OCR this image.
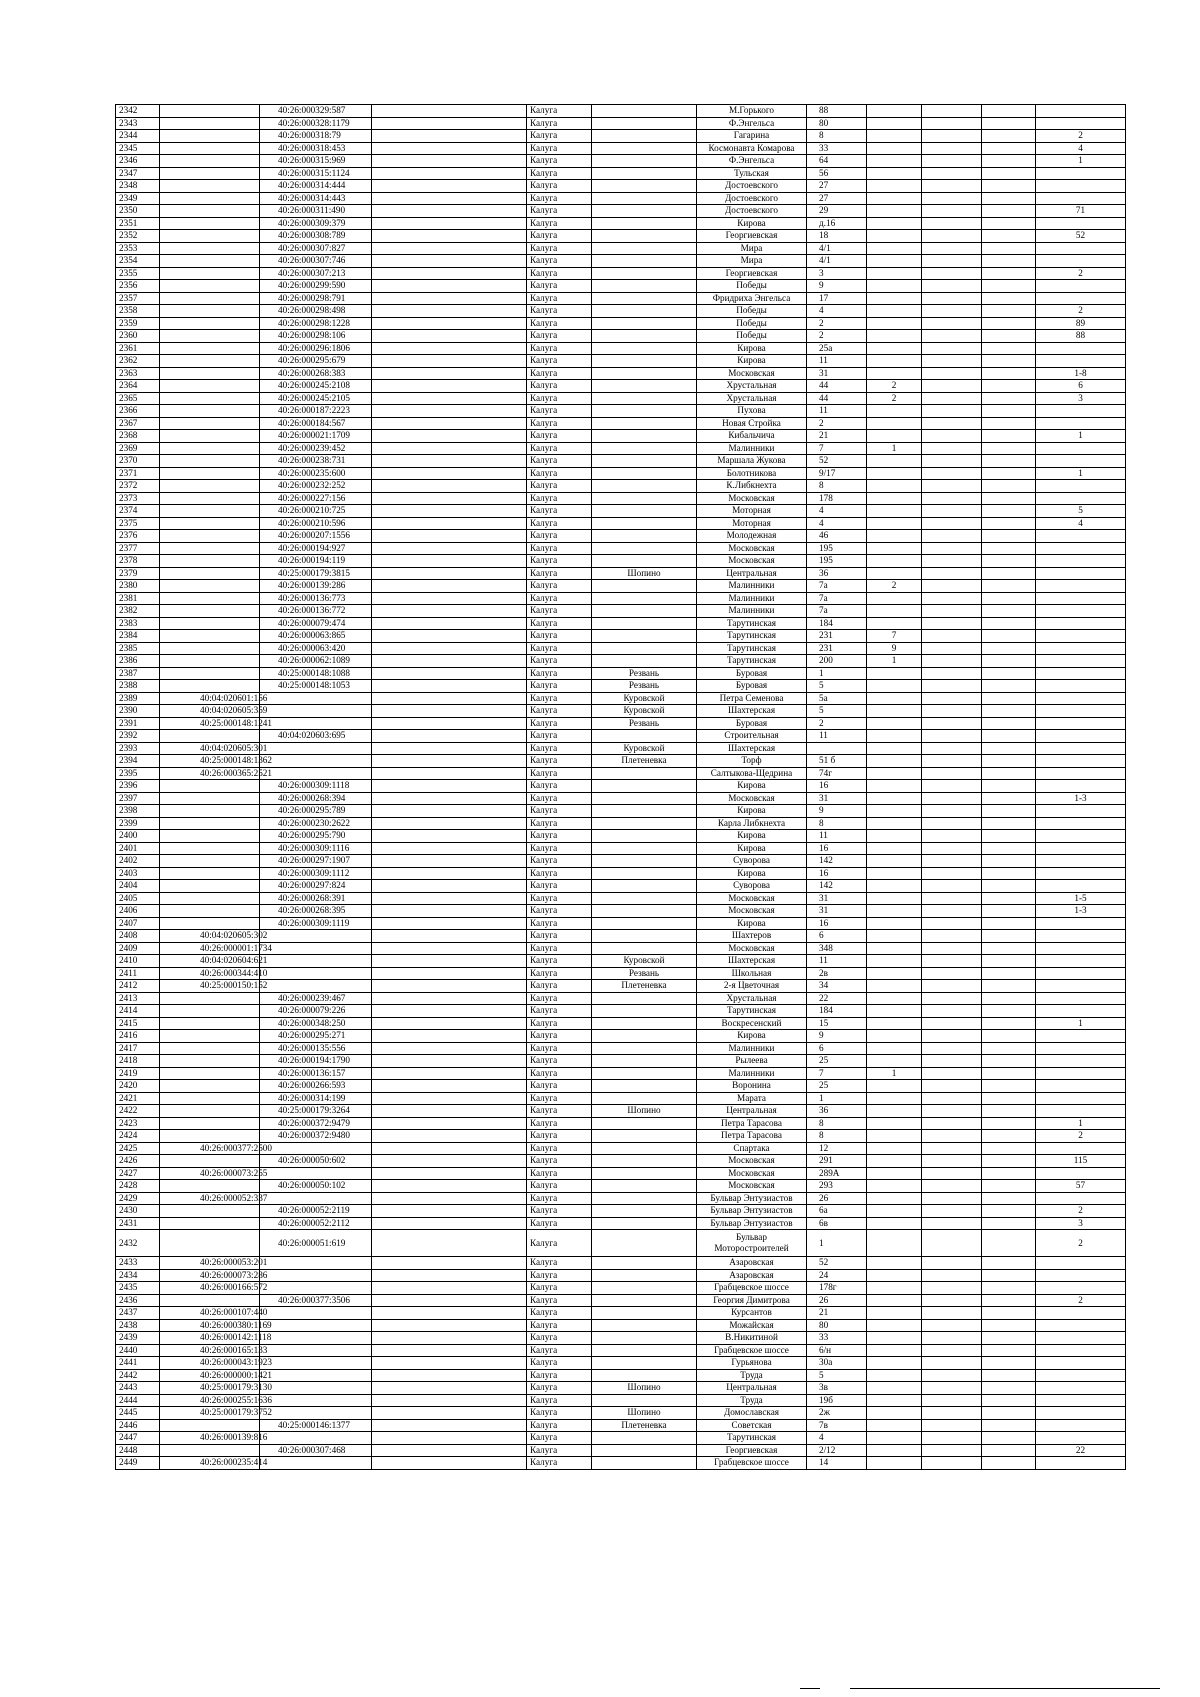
2342		40:26:000329:587		Калуга		М.Горького	88				
2343		40:26:000328:1179		Калуга		Ф.Энгельса	80				
2344		40:26:000318:79		Калуга		Гагарина	8				2
2345		40:26:000318:453		Калуга		Космонавта Комарова	33				4
2346		40:26:000315:969		Калуга		Ф.Энгельса	64				1
2347		40:26:000315:1124		Калуга		Тульская	56				
2348		40:26:000314:444		Калуга		Достоевского	27				
2349		40:26:000314:443		Калуга		Достоевского	27				
2350		40:26:000311:490		Калуга		Достоевского	29				71
2351		40:26:000309:379		Калуга		Кирова	д.16				
2352		40:26:000308:789		Калуга		Георгиевская	18				52
2353		40:26:000307:827		Калуга		Мира	4/1				
2354		40:26:000307:746		Калуга		Мира	4/1				
2355		40:26:000307:213		Калуга		Георгиевская	3				2
2356		40:26:000299:590		Калуга		Победы	9				
2357		40:26:000298:791		Калуга		Фридриха Энгельса	17				
2358		40:26:000298:498		Калуга		Победы	4				2
2359		40:26:000298:1228		Калуга		Победы	2				89
2360		40:26:000298:106		Калуга		Победы	2				88
2361		40:26:000296:1806		Калуга		Кирова	25а				
2362		40:26:000295:679		Калуга		Кирова	11				
2363		40:26:000268:383		Калуга		Московская	31				1-8
2364		40:26:000245:2108		Калуга		Хрустальная	44	2			6
2365		40:26:000245:2105		Калуга		Хрустальная	44	2			3
2366		40:26:000187:2223		Калуга		Пухова	11				
2367		40:26:000184:567		Калуга		Новая Стройка	2				
2368		40:26:000021:1709		Калуга		Кибальчича	21				1
2369		40:26:000239:452		Калуга		Малинники	7	1			
2370		40:26:000238:731		Калуга		Маршала Жукова	52				
2371		40:26:000235:600		Калуга		Болотникова	9/17				1
2372		40:26:000232:252		Калуга		К.Либкнехта	8				
2373		40:26:000227:156		Калуга		Московская	178				
2374		40:26:000210:725		Калуга		Моторная	4				5
2375		40:26:000210:596		Калуга		Моторная	4				4
2376		40:26:000207:1556		Калуга		Молодежная	46				
2377		40:26:000194:927		Калуга		Московская	195				
2378		40:26:000194:119		Калуга		Московская	195				
2379		40:25:000179:3815		Калуга	Шопино	Центральная	36				
2380		40:26:000139:286		Калуга		Малинники	7а	2			
2381		40:26:000136:773		Калуга		Малинники	7а				
2382		40:26:000136:772		Калуга		Малинники	7а				
2383		40:26:000079:474		Калуга		Тарутинская	184				
2384		40:26:000063:865		Калуга		Тарутинская	231	7			
2385		40:26:000063:420		Калуга		Тарутинская	231	9			
2386		40:26:000062:1089		Калуга		Тарутинская	200	1			
2387		40:25:000148:1088		Калуга	Резвань	Буровая	1				
2388		40:25:000148:1053		Калуга	Резвань	Буровая	5				
2389	40:04:020601:156			Калуга	Куровской	Петра Семенова	5а				
2390	40:04:020605:359			Калуга	Куровской	Шахтерская	5				
2391	40:25:000148:1241			Калуга	Резвань	Буровая	2				
2392		40:04:020603:695		Калуга		Строительная	11				
2393	40:04:020605:301			Калуга	Куровской	Шахтерская					
2394	40:25:000148:1362			Калуга	Плетеневка	Торф	51 б				
2395	40:26:000365:2521			Калуга		Салтыкова-Щедрина	74г				
2396		40:26:000309:1118		Калуга		Кирова	16				
2397		40:26:000268:394		Калуга		Московская	31				1-3
2398		40:26:000295:789		Калуга		Кирова	9				
2399		40:26:000230:2622		Калуга		Карла Либкнехта	8				
2400		40:26:000295:790		Калуга		Кирова	11				
2401		40:26:000309:1116		Калуга		Кирова	16				
2402		40:26:000297:1907		Калуга		Суворова	142				
2403		40:26:000309:1112		Калуга		Кирова	16				
2404		40:26:000297:824		Калуга		Суворова	142				
2405		40:26:000268:391		Калуга		Московская	31				1-5
2406		40:26:000268:395		Калуга		Московская	31				1-3
2407		40:26:000309:1119		Калуга		Кирова	16				
2408	40:04:020605:302			Калуга		Шахтеров	6				
2409	40:26:000001:1734			Калуга		Московская	348				
2410	40:04:020604:621			Калуга	Куровской	Шахтерская	11				
2411	40:26:000344:410			Калуга	Резвань	Школьная	2в				
2412	40:25:000150:152			Калуга	Плетеневка	2-я Цветочная	34				
2413		40:26:000239:467		Калуга		Хрустальная	22				
2414		40:26:000079:226		Калуга		Тарутинская	184				
2415		40:26:000348:250		Калуга		Воскресенский	15				1
2416		40:26:000295:271		Калуга		Кирова	9				
2417		40:26:000135:556		Калуга		Малинники	6				
2418		40:26:000194:1790		Калуга		Рылеева	25				
2419		40:26:000136:157		Калуга		Малинники	7	1			
2420		40:26:000266:593		Калуга		Воронина	25				
2421		40:26:000314:199		Калуга		Марата	1				
2422		40:25:000179:3264		Калуга	Шопино	Центральная	36				
2423		40:26:000372:9479		Калуга		Петра Тарасова	8				1
2424		40:26:000372:9480		Калуга		Петра Тарасова	8				2
2425	40:26:000377:2500			Калуга		Спартака	12				
2426		40:26:000050:602		Калуга		Московская	291				115
2427	40:26:000073:255			Калуга		Московская	289А				
2428		40:26:000050:102		Калуга		Московская	293				57
2429	40:26:000052:337			Калуга		Бульвар Энтузиастов	26				
2430		40:26:000052:2119		Калуга		Бульвар Энтузиастов	6а				2
2431		40:26:000052:2112		Калуга		Бульвар Энтузиастов	6в				3
2432		40:26:000051:619		Калуга		Бульвар Моторостроителей	1				2
2433	40:26:000053:201			Калуга		Азаровская	52				
2434	40:26:000073:286			Калуга		Азаровская	24				
2435	40:26:000166:572			Калуга		Грабцевское шоссе	178г				
2436		40:26:000377:3506		Калуга		Георгия Димитрова	26				2
2437	40:26:000107:440			Калуга		Курсантов	21				
2438	40:26:000380:1169			Калуга		Можайская	80				
2439	40:26:000142:1118			Калуга		В.Никитиной	33				
2440	40:26:000165:133			Калуга		Грабцевское шоссе	6/н				
2441	40:26:000043:1923			Калуга		Гурьянова	30а				
2442	40:26:000000:1421			Калуга		Труда	5				
2443	40:25:000179:3130			Калуга	Шопино	Центральная	3в				
2444	40:26:000255:1636			Калуга		Труда	19б				
2445	40:25:000179:3752			Калуга	Шопино	Домославская	2ж				
2446		40:25:000146:1377		Калуга	Плетеневка	Советская	7в				
2447	40:26:000139:816			Калуга		Тарутинская	4				
2448		40:26:000307:468		Калуга		Георгиевская	2/12				22
2449	40:26:000235:414			Калуга		Грабцевское шоссе	14				
